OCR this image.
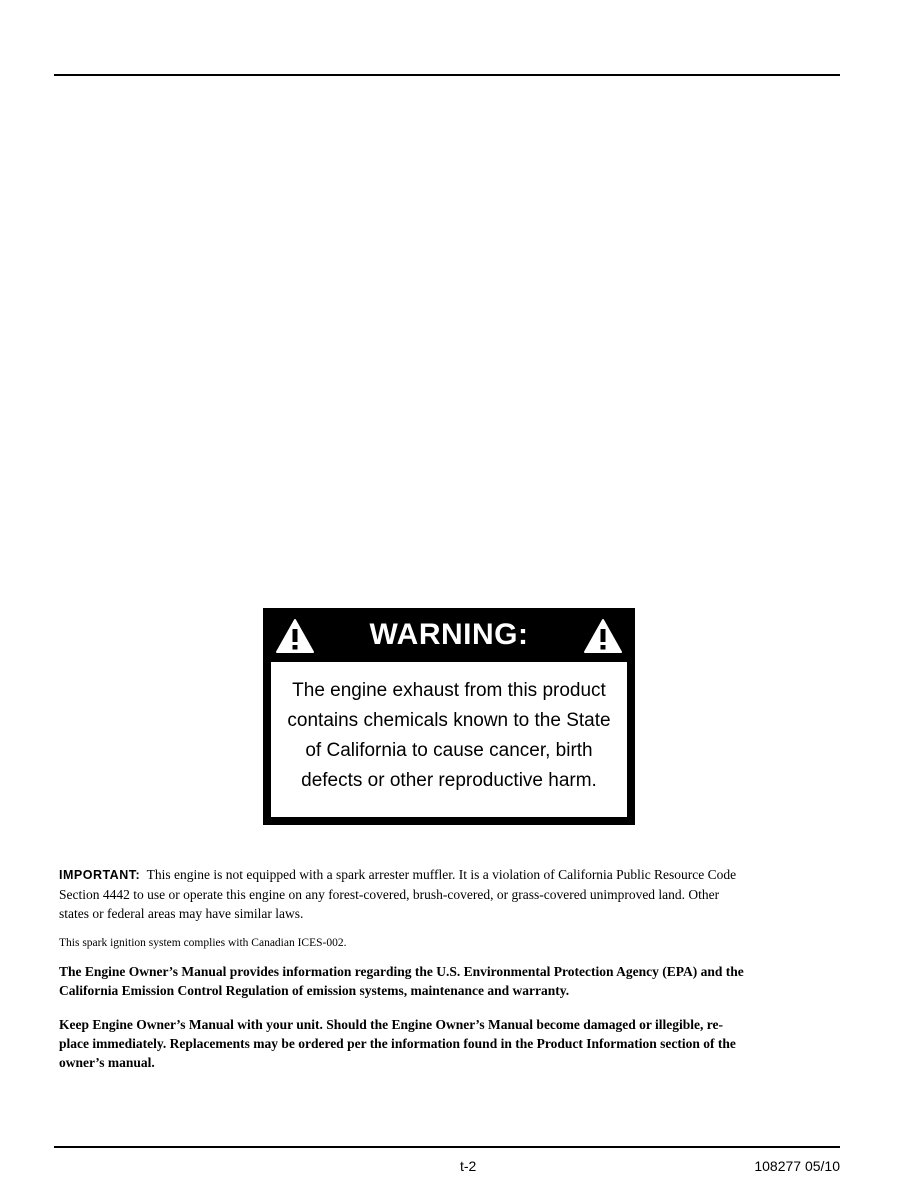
WARNING:
The engine exhaust from this product
contains chemicals known to the State
of California to cause cancer, birth
defects or other reproductive harm.
IMPORTANT: This engine is not equipped with a spark arrester muffler. It is a violation of California Public Resource Code
Section 4442 to use or operate this engine on any forest-covered, brush-covered, or grass-covered unimproved land. Other
states or federal areas may have similar laws.
This spark ignition system complies with Canadian ICES-002.
The Engine Owner’s Manual provides information regarding the U.S. Environmental Protection Agency (EPA) and the
California Emission Control Regulation of emission systems, maintenance and warranty.
Keep Engine Owner’s Manual with your unit. Should the Engine Owner’s Manual become damaged or illegible, re-
place immediately. Replacements may be ordered per the information found in the Product Information section of the
owner’s manual.
t-2	108277 05/10
